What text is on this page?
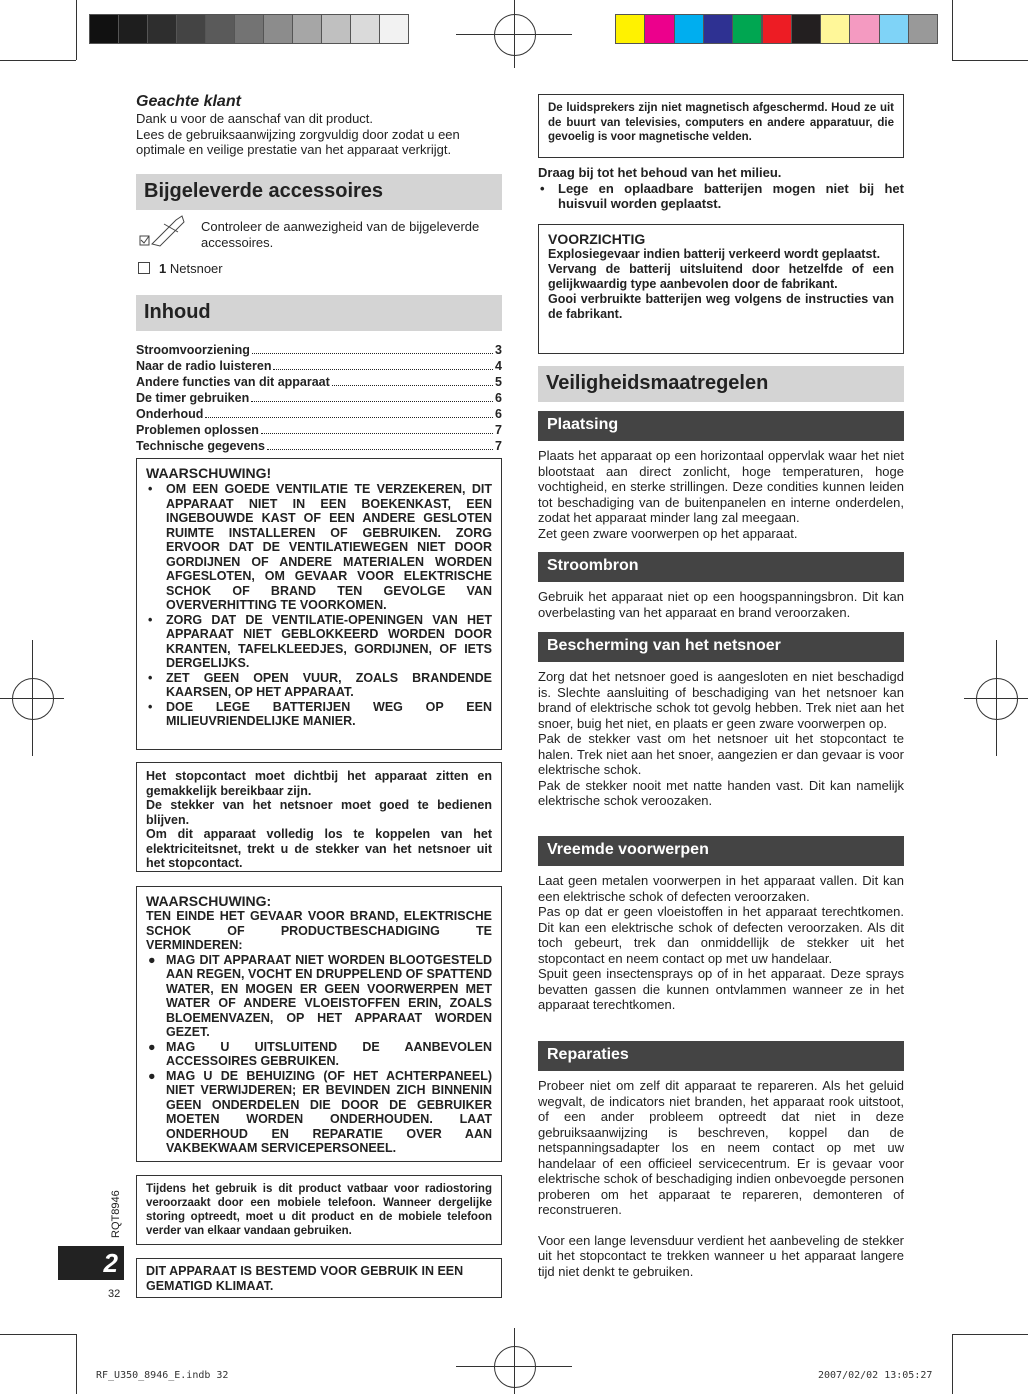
Geachte klant

Dank u voor de aanschaf van dit product.

Lees de gebruiksaanwijzing zorgvuldig door zodat u een optimale en veilige prestatie van het apparaat verkrijgt.

Bijgeleverde accessoires

Controleer de aanwezigheid van de bijgeleverde accessoires.

1 Netsnoer
Inhoud
Stroomvoorziening	3
Naar de radio luisteren	4
Andere functies van dit apparaat	5
De timer gebruiken	6
Onderhoud	6
Problemen oplossen	7
Technische gegevens	7
WAARSCHUWING!
• OM EEN GOEDE VENTILATIE TE VERZEKEREN, DIT APPARAAT NIET IN EEN BOEKENKAST, EEN INGEBOUWDE KAST OF EEN ANDERE GESLOTEN RUIMTE INSTALLEREN OF GEBRUIKEN. ZORG ERVOOR DAT DE VENTILATIEWEGEN NIET DOOR GORDIJNEN OF ANDERE MATERIALEN WORDEN AFGESLOTEN, OM GEVAAR VOOR ELEKTRISCHE SCHOK OF BRAND TEN GEVOLGE VAN OVERVERHITTING TE VOORKOMEN.
• ZORG DAT DE VENTILATIE-OPENINGEN VAN HET APPARAAT NIET GEBLOKKEERD WORDEN DOOR KRANTEN, TAFELKLEEDJES, GORDIJNEN, OF IETS DERGELIJKS.
• ZET GEEN OPEN VUUR, ZOALS BRANDENDE KAARSEN, OP HET APPARAAT.
• DOE LEGE BATTERIJEN WEG OP EEN MILIEUVRIENDELIJKE MANIER.

Het stopcontact moet dichtbij het apparaat zitten en gemakkelijk bereikbaar zijn.

De stekker van het netsnoer moet goed te bedienen blijven.

Om dit apparaat volledig los te koppelen van het elektriciteitsnet, trekt u de stekker van het netsnoer uit het stopcontact.

WAARSCHUWING:
TEN EINDE HET GEVAAR VOOR BRAND, ELEKTRISCHE SCHOK OF PRODUCTBESCHADIGING TE VERMINDEREN:
● MAG DIT APPARAAT NIET WORDEN BLOOTGESTELD AAN REGEN, VOCHT EN DRUPPELEND OF SPATTEND WATER, EN MOGEN ER GEEN VOORWERPEN MET WATER OF ANDERE VLOEISTOFFEN ERIN, ZOALS BLOEMENVAZEN, OP HET APPARAAT WORDEN GEZET.
● MAG U UITSLUITEND DE AANBEVOLEN ACCESSOIRES GEBRUIKEN.
● MAG U DE BEHUIZING (OF HET ACHTERPANEEL) NIET VERWIJDEREN; ER BEVINDEN ZICH BINNENIN GEEN ONDERDELEN DIE DOOR DE GEBRUIKER MOETEN WORDEN ONDERHOUDEN. LAAT ONDERHOUD EN REPARATIE OVER AAN VAKBEKWAAM SERVICEPERSONEEL.

Tijdens het gebruik is dit product vatbaar voor radiostoring veroorzaakt door een mobiele telefoon. Wanneer dergelijke storing optreedt, moet u dit product en de mobiele telefoon verder van elkaar vandaan gebruiken.

DIT APPARAAT IS BESTEMD VOOR GEBRUIK IN EEN GEMATIGD KLIMAAT.

RQT8946
2
32

De luidsprekers zijn niet magnetisch afgeschermd. Houd ze uit de buurt van televisies, computers en andere apparatuur, die gevoelig is voor magnetische velden.

Draag bij tot het behoud van het milieu.

• Lege en oplaadbare batterijen mogen niet bij het huisvuil worden geplaatst.
VOORZICHTIG

Explosiegevaar indien batterij verkeerd wordt geplaatst.

Vervang de batterij uitsluitend door hetzelfde of een gelijkwaardig type aanbevolen door de fabrikant.

Gooi verbruikte batterijen weg volgens de instructies van de fabrikant.

Veiligheidsmaatregelen
Plaatsing

Plaats het apparaat op een horizontaal oppervlak waar het niet blootstaat aan direct zonlicht, hoge temperaturen, hoge vochtigheid, en sterke strillingen. Deze condities kunnen leiden tot beschadiging van de buitenpanelen en interne onderdelen, zodat het apparaat minder lang zal meegaan.

Zet geen zware voorwerpen op het apparaat.

Stroombron

Gebruik het apparaat niet op een hoogspanningsbron. Dit kan overbelasting van het apparaat en brand veroorzaken.

Bescherming van het netsnoer

Zorg dat het netsnoer goed is aangesloten en niet beschadigd is. Slechte aansluiting of beschadiging van het netsnoer kan brand of elektrische schok tot gevolg hebben. Trek niet aan het snoer, buig het niet, en plaats er geen zware voorwerpen op.

Pak de stekker vast om het netsnoer uit het stopcontact te halen. Trek niet aan het snoer, aangezien er dan gevaar is voor elektrische schok.

Pak de stekker nooit met natte handen vast. Dit kan namelijk elektrische schok veroozaken.

Vreemde voorwerpen

Laat geen metalen voorwerpen in het apparaat vallen. Dit kan een elektrische schok of defecten veroorzaken.

Pas op dat er geen vloeistoffen in het apparaat terechtkomen. Dit kan een elektrische schok of defecten veroorzaken. Als dit toch gebeurt, trek dan onmiddellijk de stekker uit het stopcontact en neem contact op met uw handelaar.

Spuit geen insectensprays op of in het apparaat. Deze sprays bevatten gassen die kunnen ontvlammen wanneer ze in het apparaat terechtkomen.

Reparaties

Probeer niet om zelf dit apparaat te repareren. Als het geluid wegvalt, de indicators niet branden, het apparaat rook uitstoot, of een ander probleem optreedt dat niet in deze gebruiksaanwijzing is beschreven, koppel dan de netspanningsadapter los en neem contact op met uw handelaar of een officieel servicecentrum. Er is gevaar voor elektrische schok of beschadiging indien onbevoegde personen proberen om het apparaat te repareren, demonteren of reconstrueren.

Voor een lange levensduur verdient het aanbeveling de stekker uit het stopcontact te trekken wanneer u het apparaat langere tijd niet denkt te gebruiken.

RF_U350_8946_E.indb 32	2007/02/02 13:05:27
